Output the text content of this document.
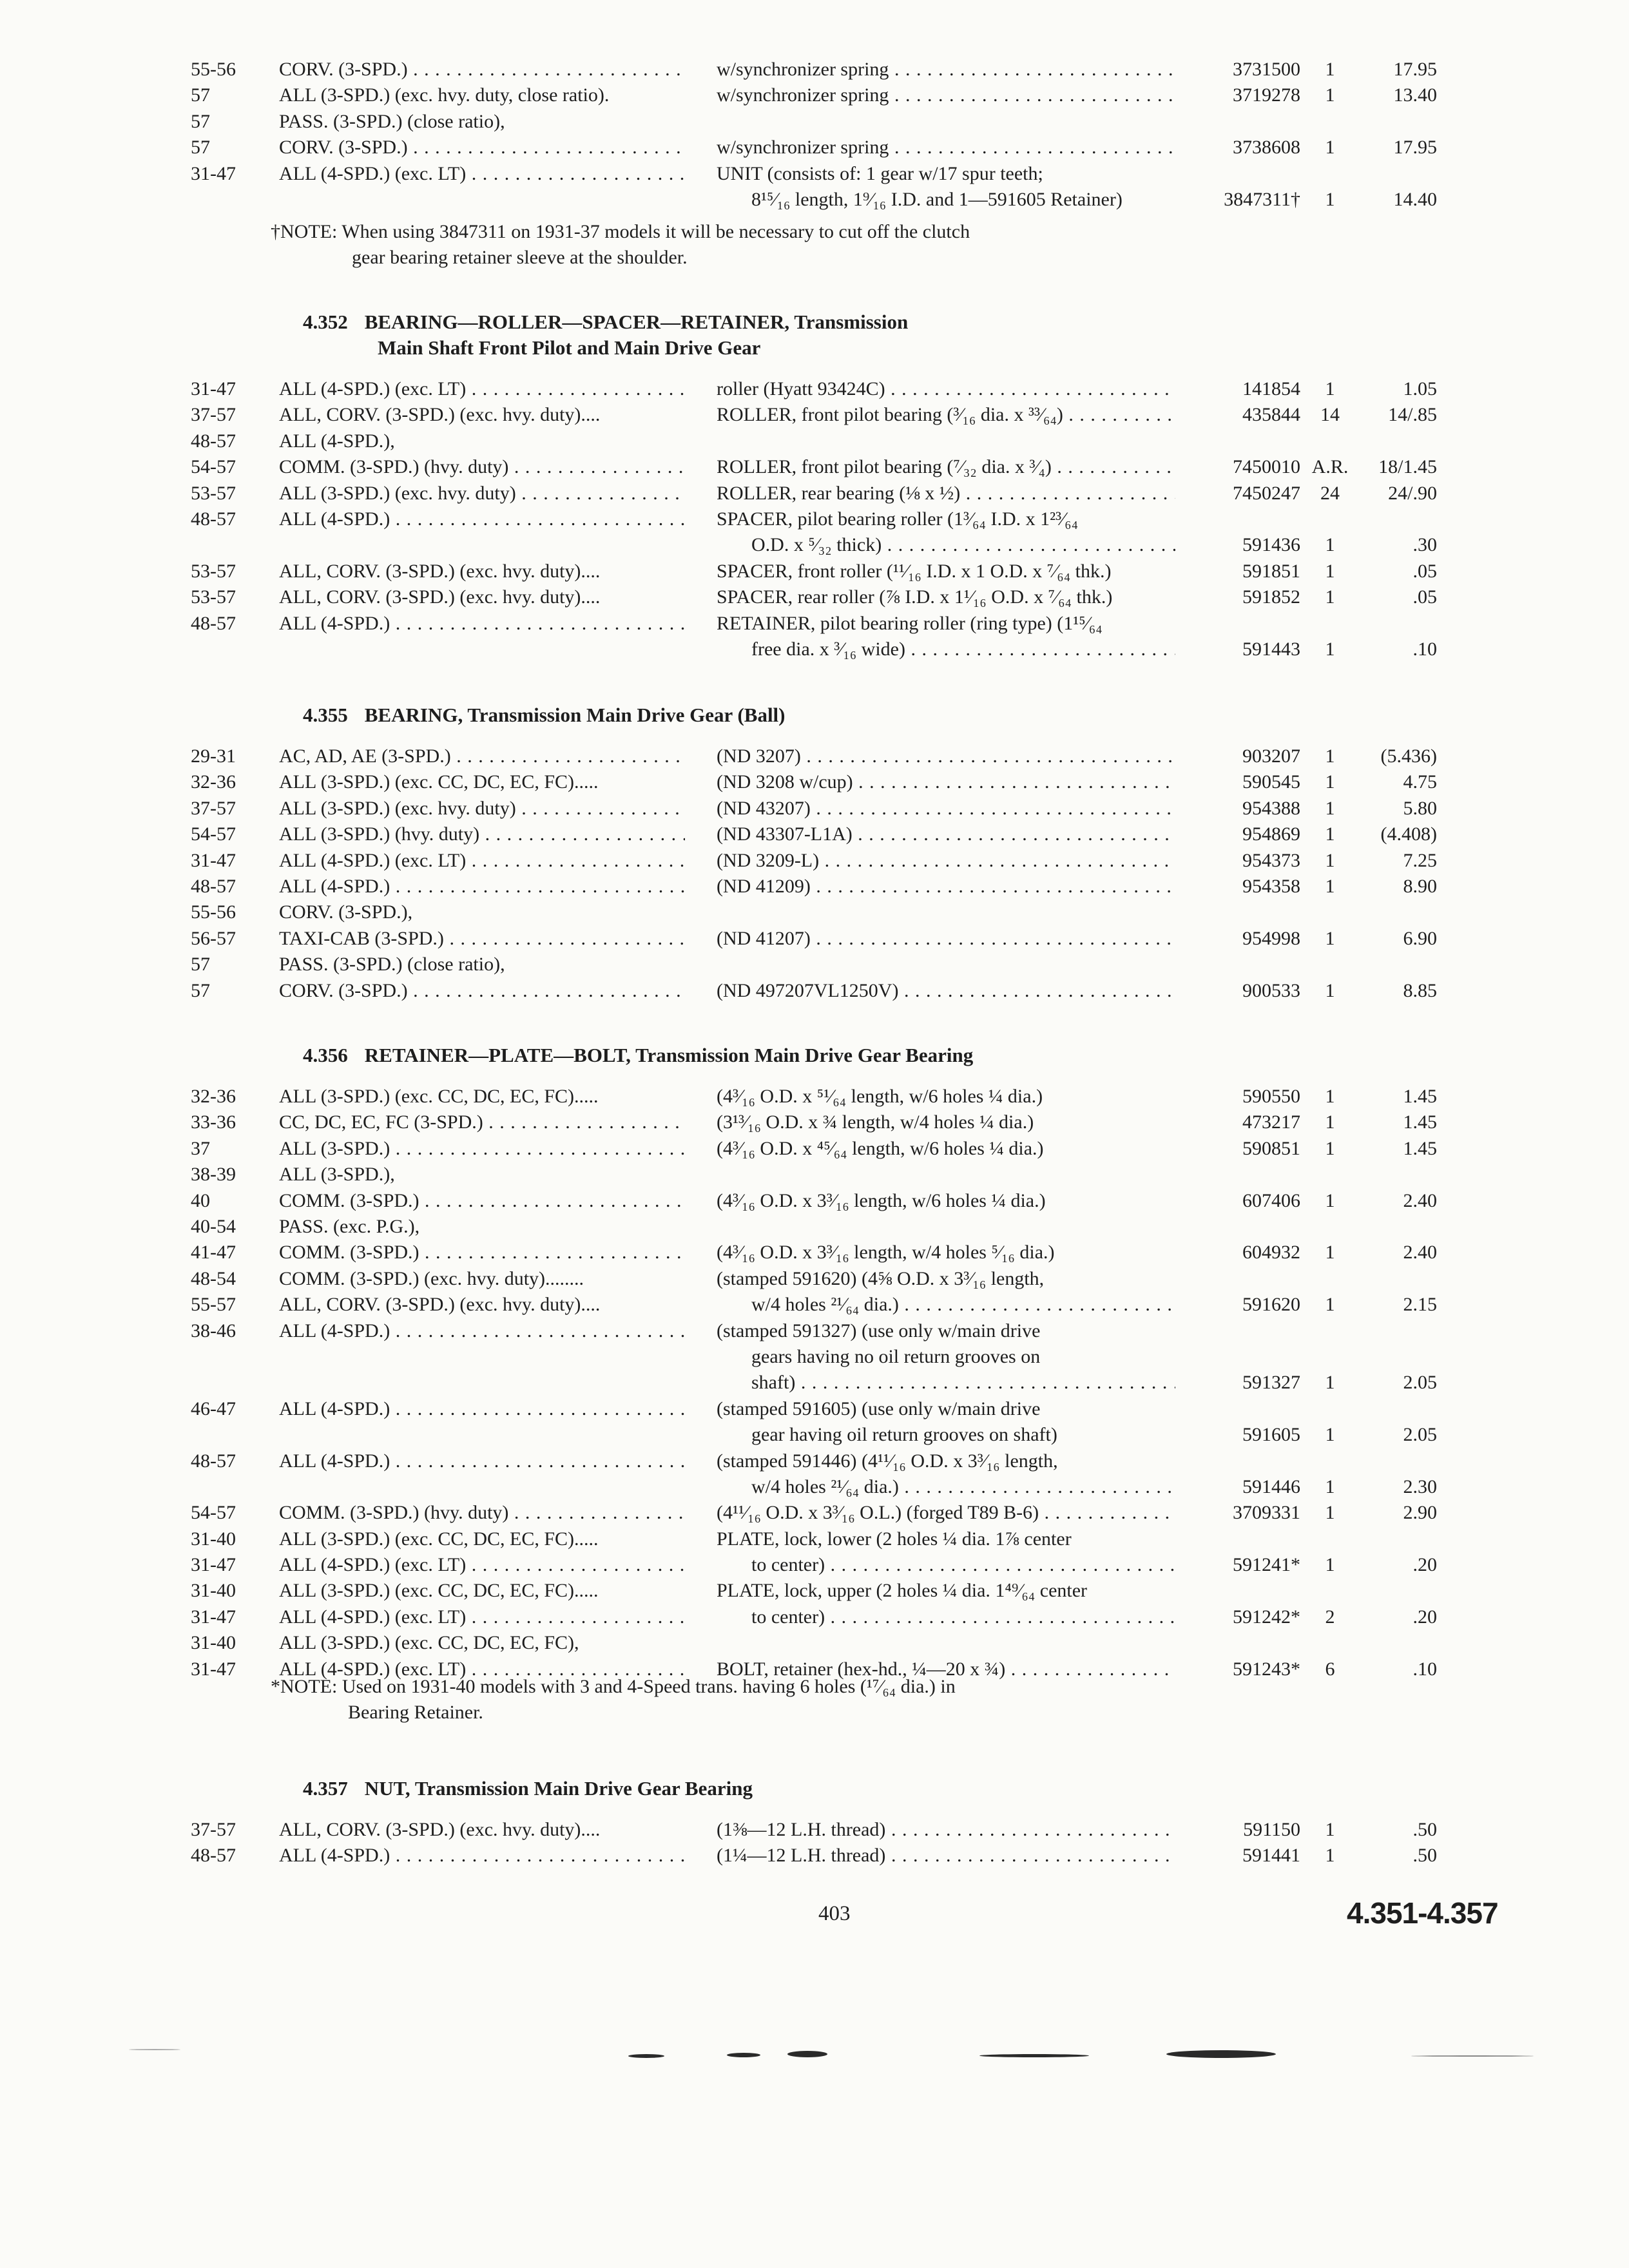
55-56	CORV. (3-SPD.) . . .	w/synchronizer spring . . .	3731500	1	17.95
57	ALL (3-SPD.) (exc. hvy. duty, close ratio).	w/synchronizer spring . . .	3719278	1	13.40
57	PASS. (3-SPD.) (close ratio),
57	CORV. (3-SPD.) . . .	w/synchronizer spring . . .	3738608	1	17.95
31-47	ALL (4-SPD.) (exc. LT) . . .	UNIT (consists of: 1 gear w/17 spur teeth;
8¹⁵⁄₁₆ length, 1⁹⁄₁₆ I.D. and 1—591605 Retainer)	3847311†	1	14.40
†NOTE: When using 3847311 on 1931-37 models it will be necessary to cut off the clutch
gear bearing retainer sleeve at the shoulder.
4.352 BEARING—ROLLER—SPACER—RETAINER, Transmission
Main Shaft Front Pilot and Main Drive Gear
31-47	ALL (4-SPD.) (exc. LT) . . .	roller (Hyatt 93424C) . . .	141854	1	1.05
37-57	ALL, CORV. (3-SPD.) (exc. hvy. duty)....	ROLLER, front pilot bearing (³⁄₁₆ dia. x ³³⁄₆₄) . . .	435844	14	14/.85
48-57	ALL (4-SPD.),
54-57	COMM. (3-SPD.) (hvy. duty) . . .	ROLLER, front pilot bearing (⁷⁄₃₂ dia. x ³⁄₄) . . .	7450010 A.R.	18/1.45
53-57	ALL (3-SPD.) (exc. hvy. duty) . . .	ROLLER, rear bearing (⅛ x ½) . . .	7450247	24	24/.90
48-57	ALL (4-SPD.) . . .	SPACER, pilot bearing roller (1³⁄₆₄ I.D. x 1²³⁄₆₄
O.D. x ⁵⁄₃₂ thick) . . .	591436	1	.30
53-57	ALL, CORV. (3-SPD.) (exc. hvy. duty)....	SPACER, front roller (¹¹⁄₁₆ I.D. x 1 O.D. x ⁷⁄₆₄ thk.)	591851	1	.05
53-57	ALL, CORV. (3-SPD.) (exc. hvy. duty)....	SPACER, rear roller (⅞ I.D. x 1¹⁄₁₆ O.D. x ⁷⁄₆₄ thk.)	591852	1	.05
48-57	ALL (4-SPD.) . . .	RETAINER, pilot bearing roller (ring type) (1¹⁵⁄₆₄
free dia. x ³⁄₁₆ wide) . . .	591443	1	.10
4.355 BEARING, Transmission Main Drive Gear (Ball)
29-31	AC, AD, AE (3-SPD.) . . .	(ND 3207) . . .	903207	1	(5.436)
32-36	ALL (3-SPD.) (exc. CC, DC, EC, FC).....	(ND 3208 w/cup) . . .	590545	1	4.75
37-57	ALL (3-SPD.) (exc. hvy. duty) . . .	(ND 43207) . . .	954388	1	5.80
54-57	ALL (3-SPD.) (hvy. duty) . . .	(ND 43307-L1A) . . .	954869	1	(4.408)
31-47	ALL (4-SPD.) (exc. LT) . . .	(ND 3209-L) . . .	954373	1	7.25
48-57	ALL (4-SPD.) . . .	(ND 41209) . . .	954358	1	8.90
55-56	CORV. (3-SPD.),
56-57	TAXI-CAB (3-SPD.) . . .	(ND 41207) . . .	954998	1	6.90
57	PASS. (3-SPD.) (close ratio),
57	CORV. (3-SPD.) . . .	(ND 497207VL1250V) . . .	900533	1	8.85
4.356 RETAINER—PLATE—BOLT, Transmission Main Drive Gear Bearing
32-36	ALL (3-SPD.) (exc. CC, DC, EC, FC).....	(4³⁄₁₆ O.D. x ⁵¹⁄₆₄ length, w/6 holes ¼ dia.)	590550	1	1.45
33-36	CC, DC, EC, FC (3-SPD.) . . .	(3¹³⁄₁₆ O.D. x ¾ length, w/4 holes ¼ dia.)	473217	1	1.45
37	ALL (3-SPD.) . . .	(4³⁄₁₆ O.D. x ⁴⁵⁄₆₄ length, w/6 holes ¼ dia.)	590851	1	1.45
38-39	ALL (3-SPD.),
40	COMM. (3-SPD.) . . .	(4³⁄₁₆ O.D. x 3³⁄₁₆ length, w/6 holes ¼ dia.)	607406	1	2.40
40-54	PASS. (exc. P.G.),
41-47	COMM. (3-SPD.) . . .	(4³⁄₁₆ O.D. x 3³⁄₁₆ length, w/4 holes ⁵⁄₁₆ dia.)	604932	1	2.40
48-54	COMM. (3-SPD.) (exc. hvy. duty)........	(stamped 591620) (4⅝ O.D. x 3³⁄₁₆ length,
55-57	ALL, CORV. (3-SPD.) (exc. hvy. duty)....	w/4 holes ²¹⁄₆₄ dia.) . . .	591620	1	2.15
38-46	ALL (4-SPD.) . . .	(stamped 591327) (use only w/main drive
gears having no oil return grooves on
shaft) . . .	591327	1	2.05
46-47	ALL (4-SPD.) . . .	(stamped 591605) (use only w/main drive
gear having oil return grooves on shaft)	591605	1	2.05
48-57	ALL (4-SPD.) . . .	(stamped 591446) (4¹¹⁄₁₆ O.D. x 3³⁄₁₆ length,
w/4 holes ²¹⁄₆₄ dia.) . . .	591446	1	2.30
54-57	COMM. (3-SPD.) (hvy. duty) . . .	(4¹¹⁄₁₆ O.D. x 3³⁄₁₆ O.L.) (forged T89 B-6) . . .	3709331	1	2.90
31-40	ALL (3-SPD.) (exc. CC, DC, EC, FC).....	PLATE, lock, lower (2 holes ¼ dia. 1⅞ center
31-47	ALL (4-SPD.) (exc. LT) . . .	to center) . . .	591241*	1	.20
31-40	ALL (3-SPD.) (exc. CC, DC, EC, FC).....	PLATE, lock, upper (2 holes ¼ dia. 1⁴⁹⁄₆₄ center
31-47	ALL (4-SPD.) (exc. LT) . . .	to center) . . .	591242*	2	.20
31-40	ALL (3-SPD.) (exc. CC, DC, EC, FC),
31-47	ALL (4-SPD.) (exc. LT) . . .	BOLT, retainer (hex-hd., ¼—20 x ¾) . . .	591243*	6	.10
*NOTE: Used on 1931-40 models with 3 and 4-Speed trans. having 6 holes (¹⁷⁄₆₄ dia.) in
Bearing Retainer.
4.357 NUT, Transmission Main Drive Gear Bearing
37-57	ALL, CORV. (3-SPD.) (exc. hvy. duty)....	(1⅜—12 L.H. thread) . . .	591150	1	.50
48-57	ALL (4-SPD.) . . .	(1¼—12 L.H. thread) . . .	591441	1	.50
403	4.351-4.357
